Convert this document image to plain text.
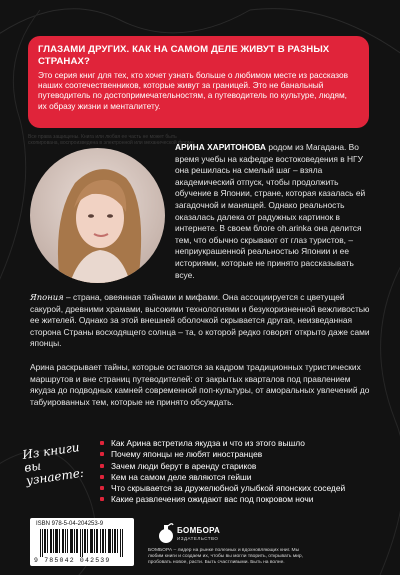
ГЛАЗАМИ ДРУГИХ. КАК НА САМОМ ДЕЛЕ ЖИВУТ В РАЗНЫХ СТРАНАХ?

Это серия книг для тех, кто хочет узнать больше о любимом месте из рассказов наших соотечественников, которые живут за границей. Это не банальный путеводитель по достопримечательностям, а путеводитель по культуре, людям, их образу жизни и менталитету.

Все права защищены. Книга или любая ее часть не может быть скопирована, воспроизведена в электронной или механической форме.

АРИНА ХАРИТОНОВА родом из Магадана. Во время учебы на кафедре востоковедения в НГУ она решилась на смелый шаг – взяла академический отпуск, чтобы продолжить обучение в Японии, стране, которая казалась ей загадочной и манящей. Однако реальность оказалась далека от радужных картинок в интернете. В своем блоге oh.arinka она делится тем, что обычно скрывают от глаз туристов, – неприукрашенной реальностью Японии и ее историями, которые не принято рассказывать всуе.

Япония – страна, овеянная тайнами и мифами. Она ассоциируется с цветущей сакурой, древними храмами, высокими технологиями и безукоризненной вежливостью ее жителей. Однако за этой внешней оболочкой скрывается другая, неизведанная сторона Страны восходящего солнца – та, о которой редко говорят открыто даже сами японцы.

Арина раскрывает тайны, которые остаются за кадром традиционных туристических маршрутов и вне страниц путеводителей: от закрытых кварталов под правлением якудза до подводных камней современной поп-культуры, от аморальных увлечений до табуированных тем, которые не принято обсуждать.

Из книги вы узнаете:
Как Арина встретила якудза и что из этого вышло
Почему японцы не любят иностранцев
Зачем люди берут в аренду стариков
Кем на самом деле являются гейши
Что скрывается за дружелюбной улыбкой японских соседей
Какие развлечения ожидают вас под покровом ночи
ISBN 978-5-04-204253-9
9 785042 042539
БОМБОРА
ИЗДАТЕЛЬСТВО

БОМБОРА – лидер на рынке полезных и вдохновляющих книг. Мы любим книги и создаем их, чтобы вы могли творить, открывать мир, пробовать новое, расти. Быть счастливыми. Быть на волне.
